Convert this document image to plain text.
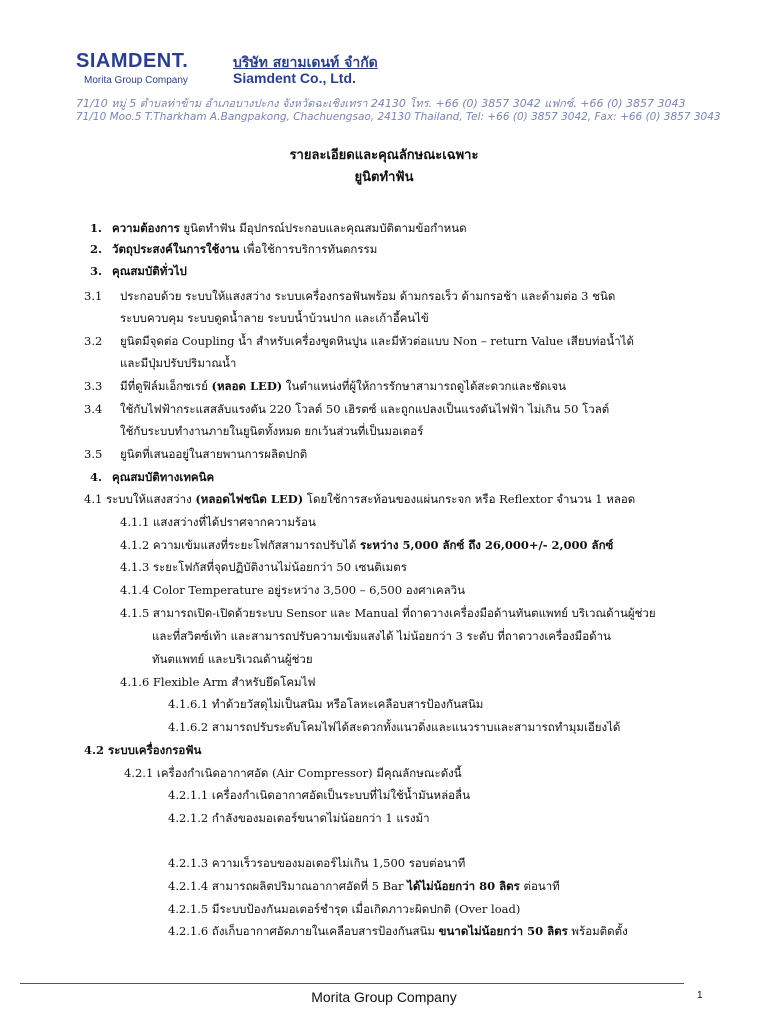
SIAMDENT.
Morita Group Company
บริษัท สยามเดนท์ จำกัด
Siamdent Co., Ltd.
71/10 หมู่ 5 ตำบลท่าข้าม อำเภอบางปะกง จังหวัดฉะเชิงเทรา 24130 โทร. +66 (0) 3857 3042 แฟกซ์. +66 (0) 3857 3043
71/10 Moo.5 T.Tharkham A.Bangpakong, Chachuengsao, 24130 Thailand, Tel: +66 (0) 3857 3042, Fax: +66 (0) 3857 3043
รายละเอียดและคุณลักษณะเฉพาะ
ยูนิตทำฟัน
1. ความต้องการ ยูนิตทำฟัน มีอุปกรณ์ประกอบและคุณสมบัติตามข้อกำหนด
2. วัตถุประสงค์ในการใช้งาน เพื่อใช้การบริการทันตกรรม
3. คุณสมบัติทั่วไป
3.1 ประกอบด้วย ระบบให้แสงสว่าง ระบบเครื่องกรอฟันพร้อม ด้ามกรอเร็ว ด้ามกรอช้า และด้ามต่อ 3 ชนิด
ระบบควบคุม ระบบดูดน้ำลาย ระบบน้ำบ้วนปาก และเก้าอี้คนไข้
3.2 ยูนิตมีจุดต่อ Coupling น้ำ สำหรับเครื่องขูดหินปูน และมีหัวต่อแบบ Non – return Value เสียบท่อน้ำได้
และมีปุ่มปรับปริมาณน้ำ
3.3 มีที่ดูฟิล์มเอ็กซเรย์ (หลอด LED) ในตำแหน่งที่ผู้ให้การรักษาสามารถดูได้สะดวกและชัดเจน
3.4 ใช้กับไฟฟ้ากระแสสลับแรงดัน 220 โวลต์ 50 เฮิรตซ์ และถูกแปลงเป็นแรงดันไฟฟ้า ไม่เกิน 50 โวลต์
ใช้กับระบบทำงานภายในยูนิตทั้งหมด ยกเว้นส่วนที่เป็นมอเตอร์
3.5 ยูนิตที่เสนออยู่ในสายพานการผลิตปกติ
4. คุณสมบัติทางเทคนิค
4.1 ระบบให้แสงสว่าง (หลอดไฟชนิด LED) โดยใช้การสะท้อนของแผ่นกระจก หรือ Reflextor จำนวน 1 หลอด
4.1.1 แสงสว่างที่ได้ปราศจากความร้อน
4.1.2 ความเข้มแสงที่ระยะโฟกัสสามารถปรับได้ ระหว่าง 5,000 ลักซ์ ถึง 26,000+/- 2,000 ลักซ์
4.1.3 ระยะโฟกัสที่จุดปฏิบัติงานไม่น้อยกว่า 50 เซนติเมตร
4.1.4 Color Temperature อยู่ระหว่าง 3,500 – 6,500 องศาเคลวิน
4.1.5 สามารถเปิด-เปิดด้วยระบบ Sensor และ Manual ที่ถาดวางเครื่องมือด้านทันตแพทย์ บริเวณด้านผู้ช่วย
และที่สวิตซ์เท้า และสามารถปรับความเข้มแสงได้ ไม่น้อยกว่า 3 ระดับ ที่ถาดวางเครื่องมือด้าน
ทันตแพทย์ และบริเวณด้านผู้ช่วย
4.1.6 Flexible Arm สำหรับยึดโคมไฟ
4.1.6.1 ทำด้วยวัสดุไม่เป็นสนิม หรือโลหะเคลือบสารป้องกันสนิม
4.1.6.2 สามารถปรับระดับโคมไฟได้สะดวกทั้งแนวดิ่งและแนวราบและสามารถทำมุมเอียงได้
4.2 ระบบเครื่องกรอฟัน
4.2.1 เครื่องกำเนิดอากาศอัด (Air Compressor) มีคุณลักษณะดังนี้
4.2.1.1 เครื่องกำเนิดอากาศอัดเป็นระบบที่ไม่ใช้น้ำมันหล่อลื่น
4.2.1.2 กำลังของมอเตอร์ขนาดไม่น้อยกว่า 1 แรงม้า
4.2.1.3 ความเร็วรอบของมอเตอร์ไม่เกิน 1,500 รอบต่อนาที
4.2.1.4 สามารถผลิตปริมาณอากาศอัดที่ 5 Bar ได้ไม่น้อยกว่า 80 ลิตร ต่อนาที
4.2.1.5 มีระบบป้องกันมอเตอร์ชำรุด เมื่อเกิดภาวะผิดปกติ (Over load)
4.2.1.6 ถังเก็บอากาศอัดภายในเคลือบสารป้องกันสนิม ขนาดไม่น้อยกว่า 50 ลิตร พร้อมติดตั้ง
Morita Group Company	1
